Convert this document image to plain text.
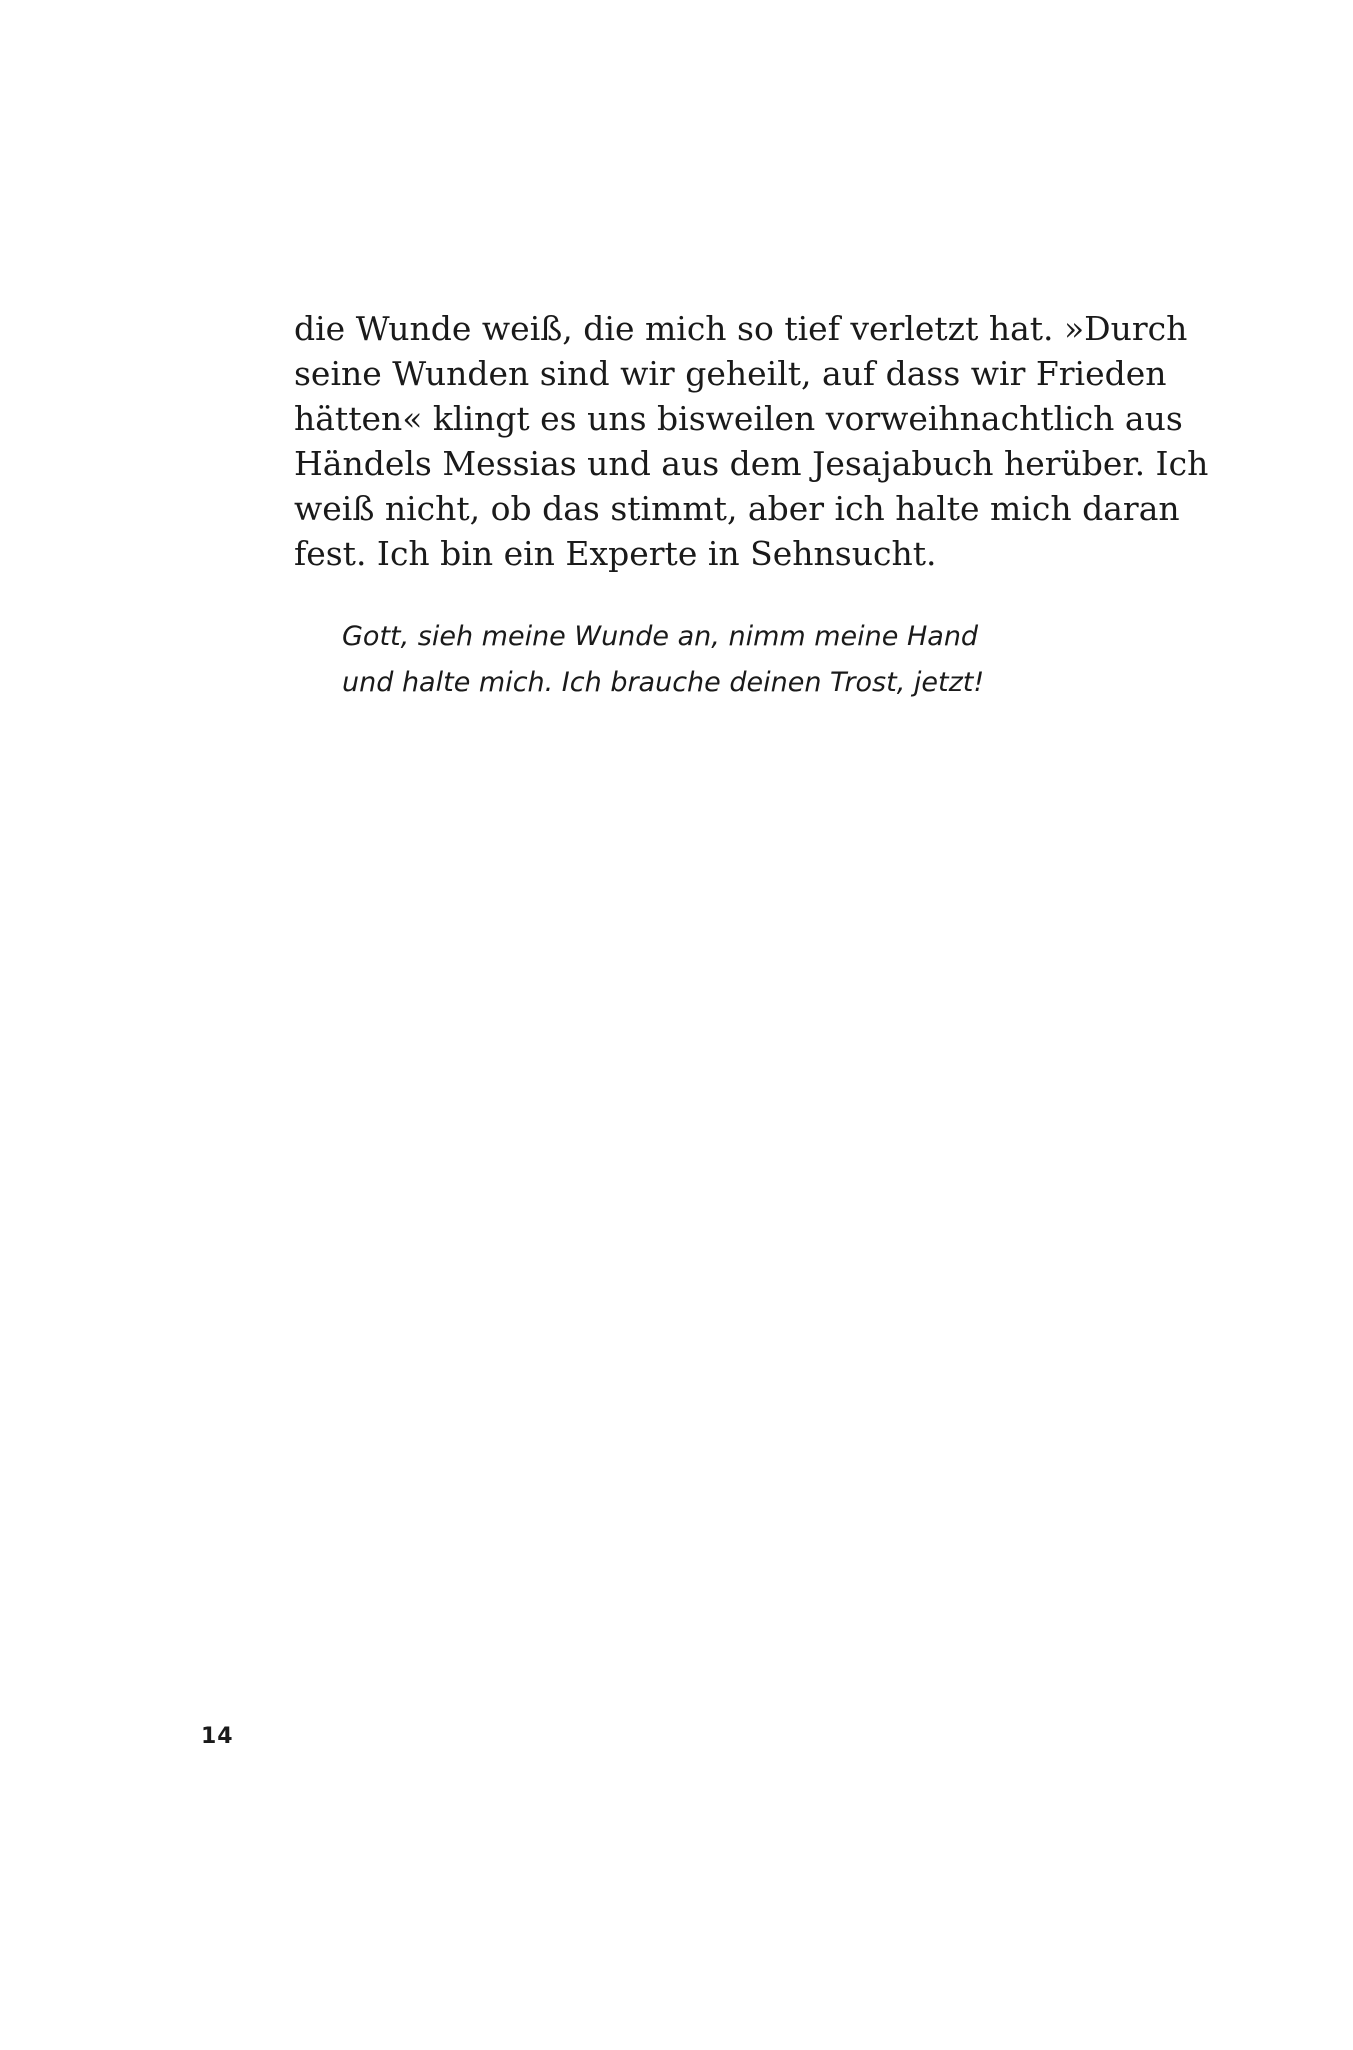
die Wunde weiß, die mich so tief verletzt hat. »Durch
seine Wunden sind wir geheilt, auf dass wir Frieden
hätten« klingt es uns bisweilen vorweihnachtlich aus
Händels Messias und aus dem Jesajabuch herüber. Ich
weiß nicht, ob das stimmt, aber ich halte mich daran
fest. Ich bin ein Experte in Sehnsucht.

Gott, sieh meine Wunde an, nimm meine Hand
und halte mich. Ich brauche deinen Trost, jetzt!

14
